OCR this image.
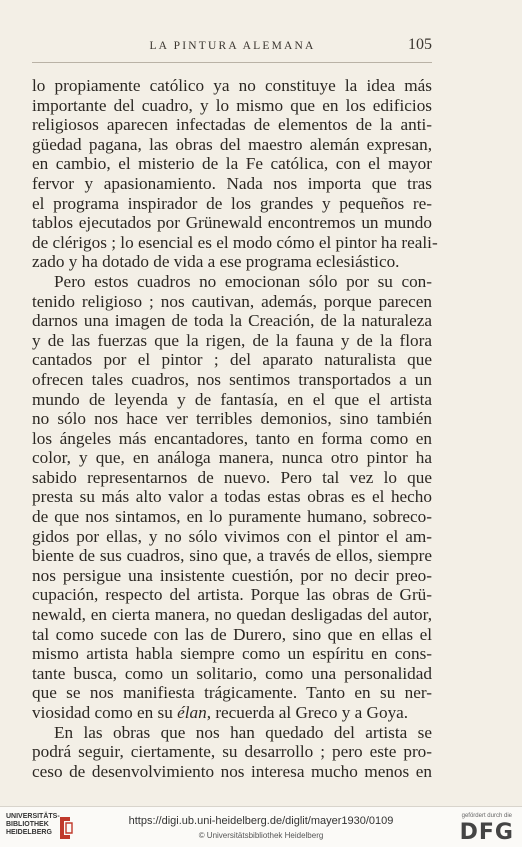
LA PINTURA ALEMANA	105
lo propiamente católico ya no constituye la idea más
importante del cuadro, y lo mismo que en los edificios
religiosos aparecen infectadas de elementos de la anti-
güedad pagana, las obras del maestro alemán expresan,
en cambio, el misterio de la Fe católica, con el mayor
fervor y apasionamiento. Nada nos importa que tras
el programa inspirador de los grandes y pequeños re-
tablos ejecutados por Grünewald encontremos un mundo
de clérigos ; lo esencial es el modo cómo el pintor ha reali-
zado y ha dotado de vida a ese programa eclesiástico.
Pero estos cuadros no emocionan sólo por su con-
tenido religioso ; nos cautivan, además, porque parecen
darnos una imagen de toda la Creación, de la naturaleza
y de las fuerzas que la rigen, de la fauna y de la flora
cantados por el pintor ; del aparato naturalista que
ofrecen tales cuadros, nos sentimos transportados a un
mundo de leyenda y de fantasía, en el que el artista
no sólo nos hace ver terribles demonios, sino también
los ángeles más encantadores, tanto en forma como en
color, y que, en análoga manera, nunca otro pintor ha
sabido representarnos de nuevo. Pero tal vez lo que
presta su más alto valor a todas estas obras es el hecho
de que nos sintamos, en lo puramente humano, sobreco-
gidos por ellas, y no sólo vivimos con el pintor el am-
biente de sus cuadros, sino que, a través de ellos, siempre
nos persigue una insistente cuestión, por no decir preo-
cupación, respecto del artista. Porque las obras de Grü-
newald, en cierta manera, no quedan desligadas del autor,
tal como sucede con las de Durero, sino que en ellas el
mismo artista habla siempre como un espíritu en cons-
tante busca, como un solitario, como una personalidad
que se nos manifiesta trágicamente. Tanto en su ner-
viosidad como en su élan, recuerda al Greco y a Goya.
En las obras que nos han quedado del artista se
podrá seguir, ciertamente, su desarrollo ; pero este pro-
ceso de desenvolvimiento nos interesa mucho menos en
UNIVERSITÄTS-
BIBLIOTHEK
HEIDELBERG
https://digi.ub.uni-heidelberg.de/diglit/mayer1930/0109
© Universitätsbibliothek Heidelberg
gefördert durch die
DFG
